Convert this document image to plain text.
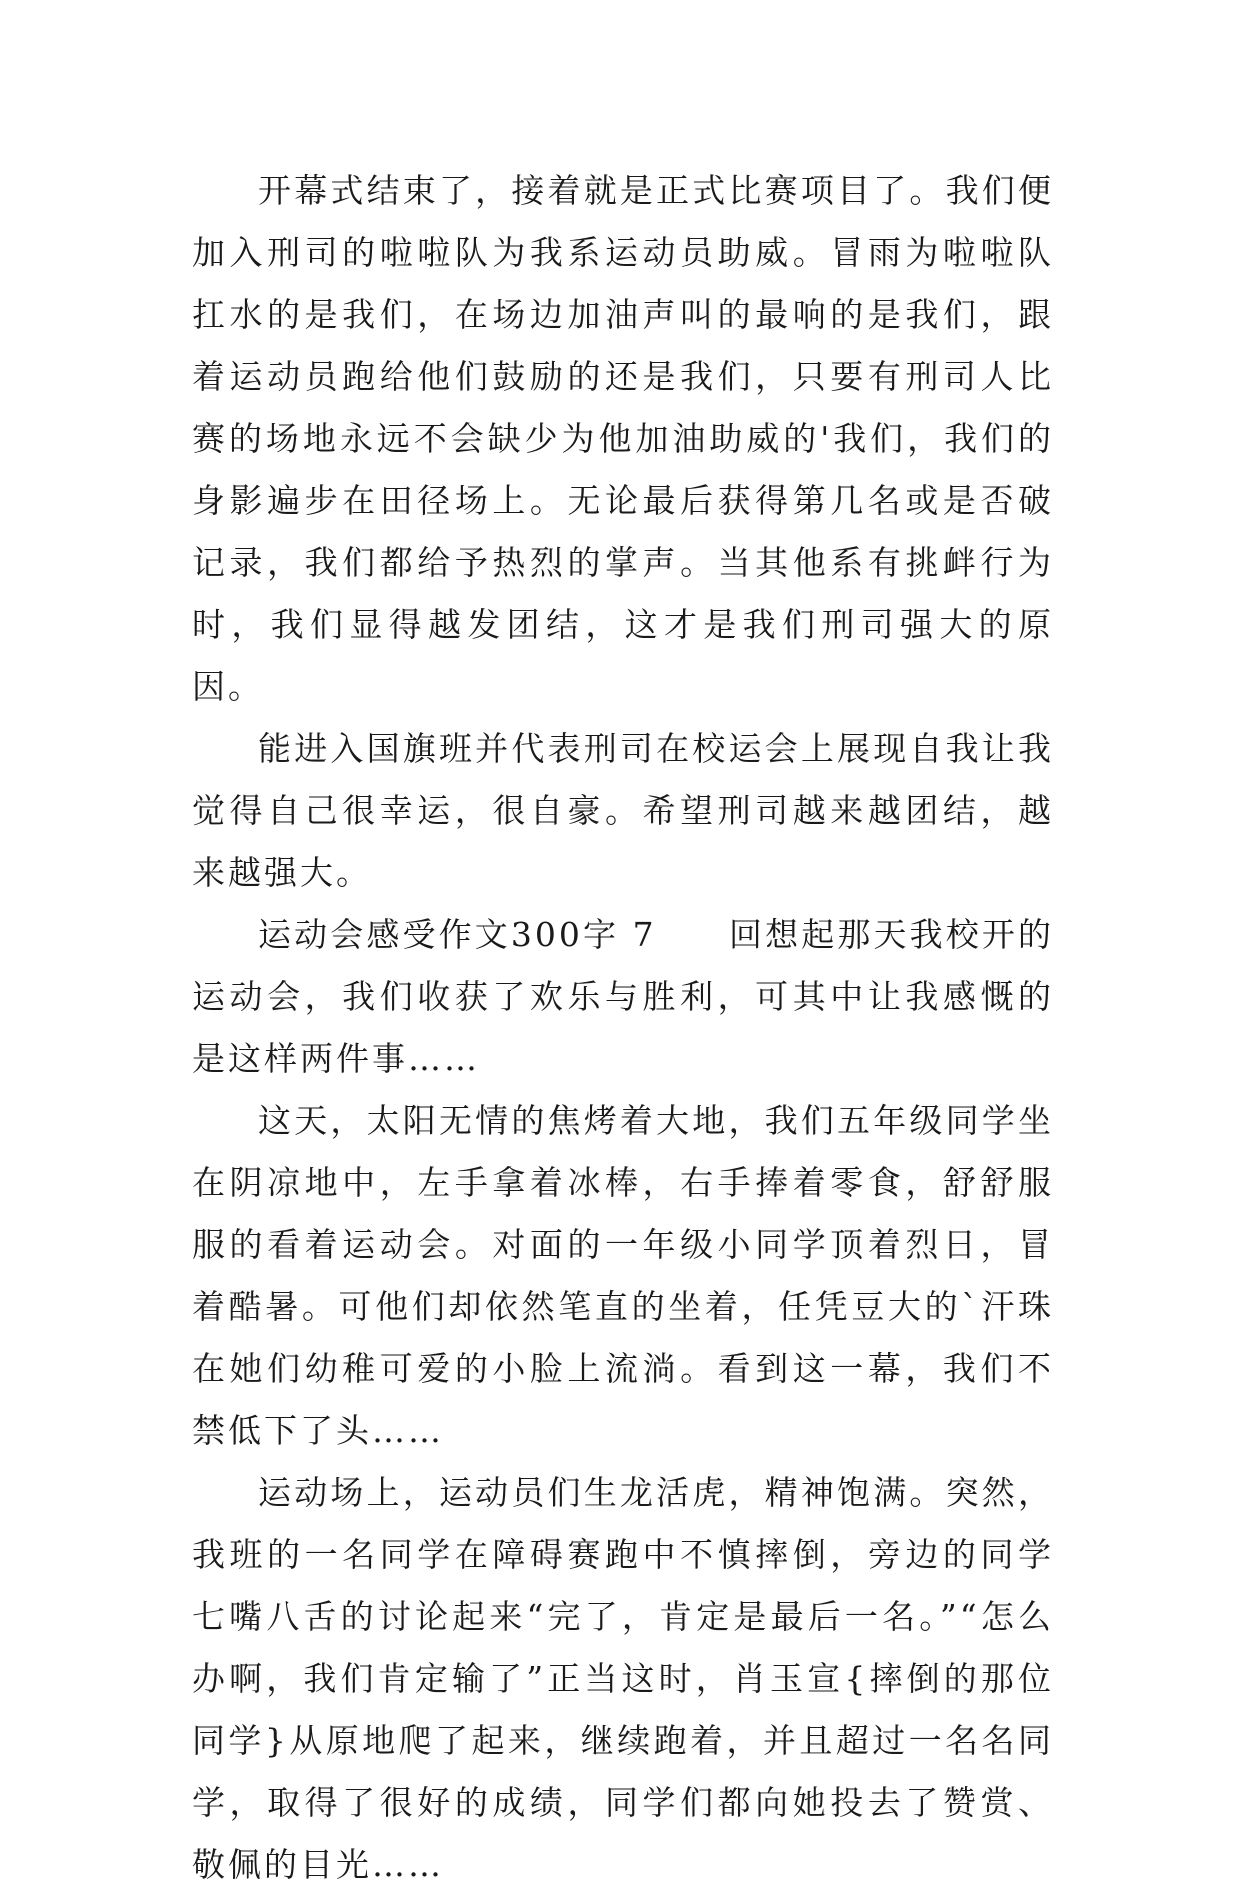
开幕式结束了，接着就是正式比赛项目了。我们便加入刑司的啦啦队为我系运动员助威。冒雨为啦啦队扛水的是我们，在场边加油声叫的最响的是我们，跟着运动员跑给他们鼓励的还是我们，只要有刑司人比赛的场地永远不会缺少为他加油助威的'我们，我们的身影遍步在田径场上。无论最后获得第几名或是否破记录，我们都给予热烈的掌声。当其他系有挑衅行为时，我们显得越发团结，这才是我们刑司强大的原因。

能进入国旗班并代表刑司在校运会上展现自我让我觉得自己很幸运，很自豪。希望刑司越来越团结，越来越强大。

运动会感受作文300字 7　　回想起那天我校开的运动会，我们收获了欢乐与胜利，可其中让我感慨的是这样两件事……

这天，太阳无情的焦烤着大地，我们五年级同学坐在阴凉地中，左手拿着冰棒，右手捧着零食，舒舒服服的看着运动会。对面的一年级小同学顶着烈日，冒着酷暑。可他们却依然笔直的坐着，任凭豆大的`汗珠在她们幼稚可爱的小脸上流淌。看到这一幕，我们不禁低下了头……

运动场上，运动员们生龙活虎，精神饱满。突然，我班的一名同学在障碍赛跑中不慎摔倒，旁边的同学七嘴八舌的讨论起来“完了，肯定是最后一名。”“怎么办啊，我们肯定输了”正当这时，肖玉宣{摔倒的那位同学}从原地爬了起来，继续跑着，并且超过一名名同学，取得了很好的成绩，同学们都向她投去了赞赏、敬佩的目光……
